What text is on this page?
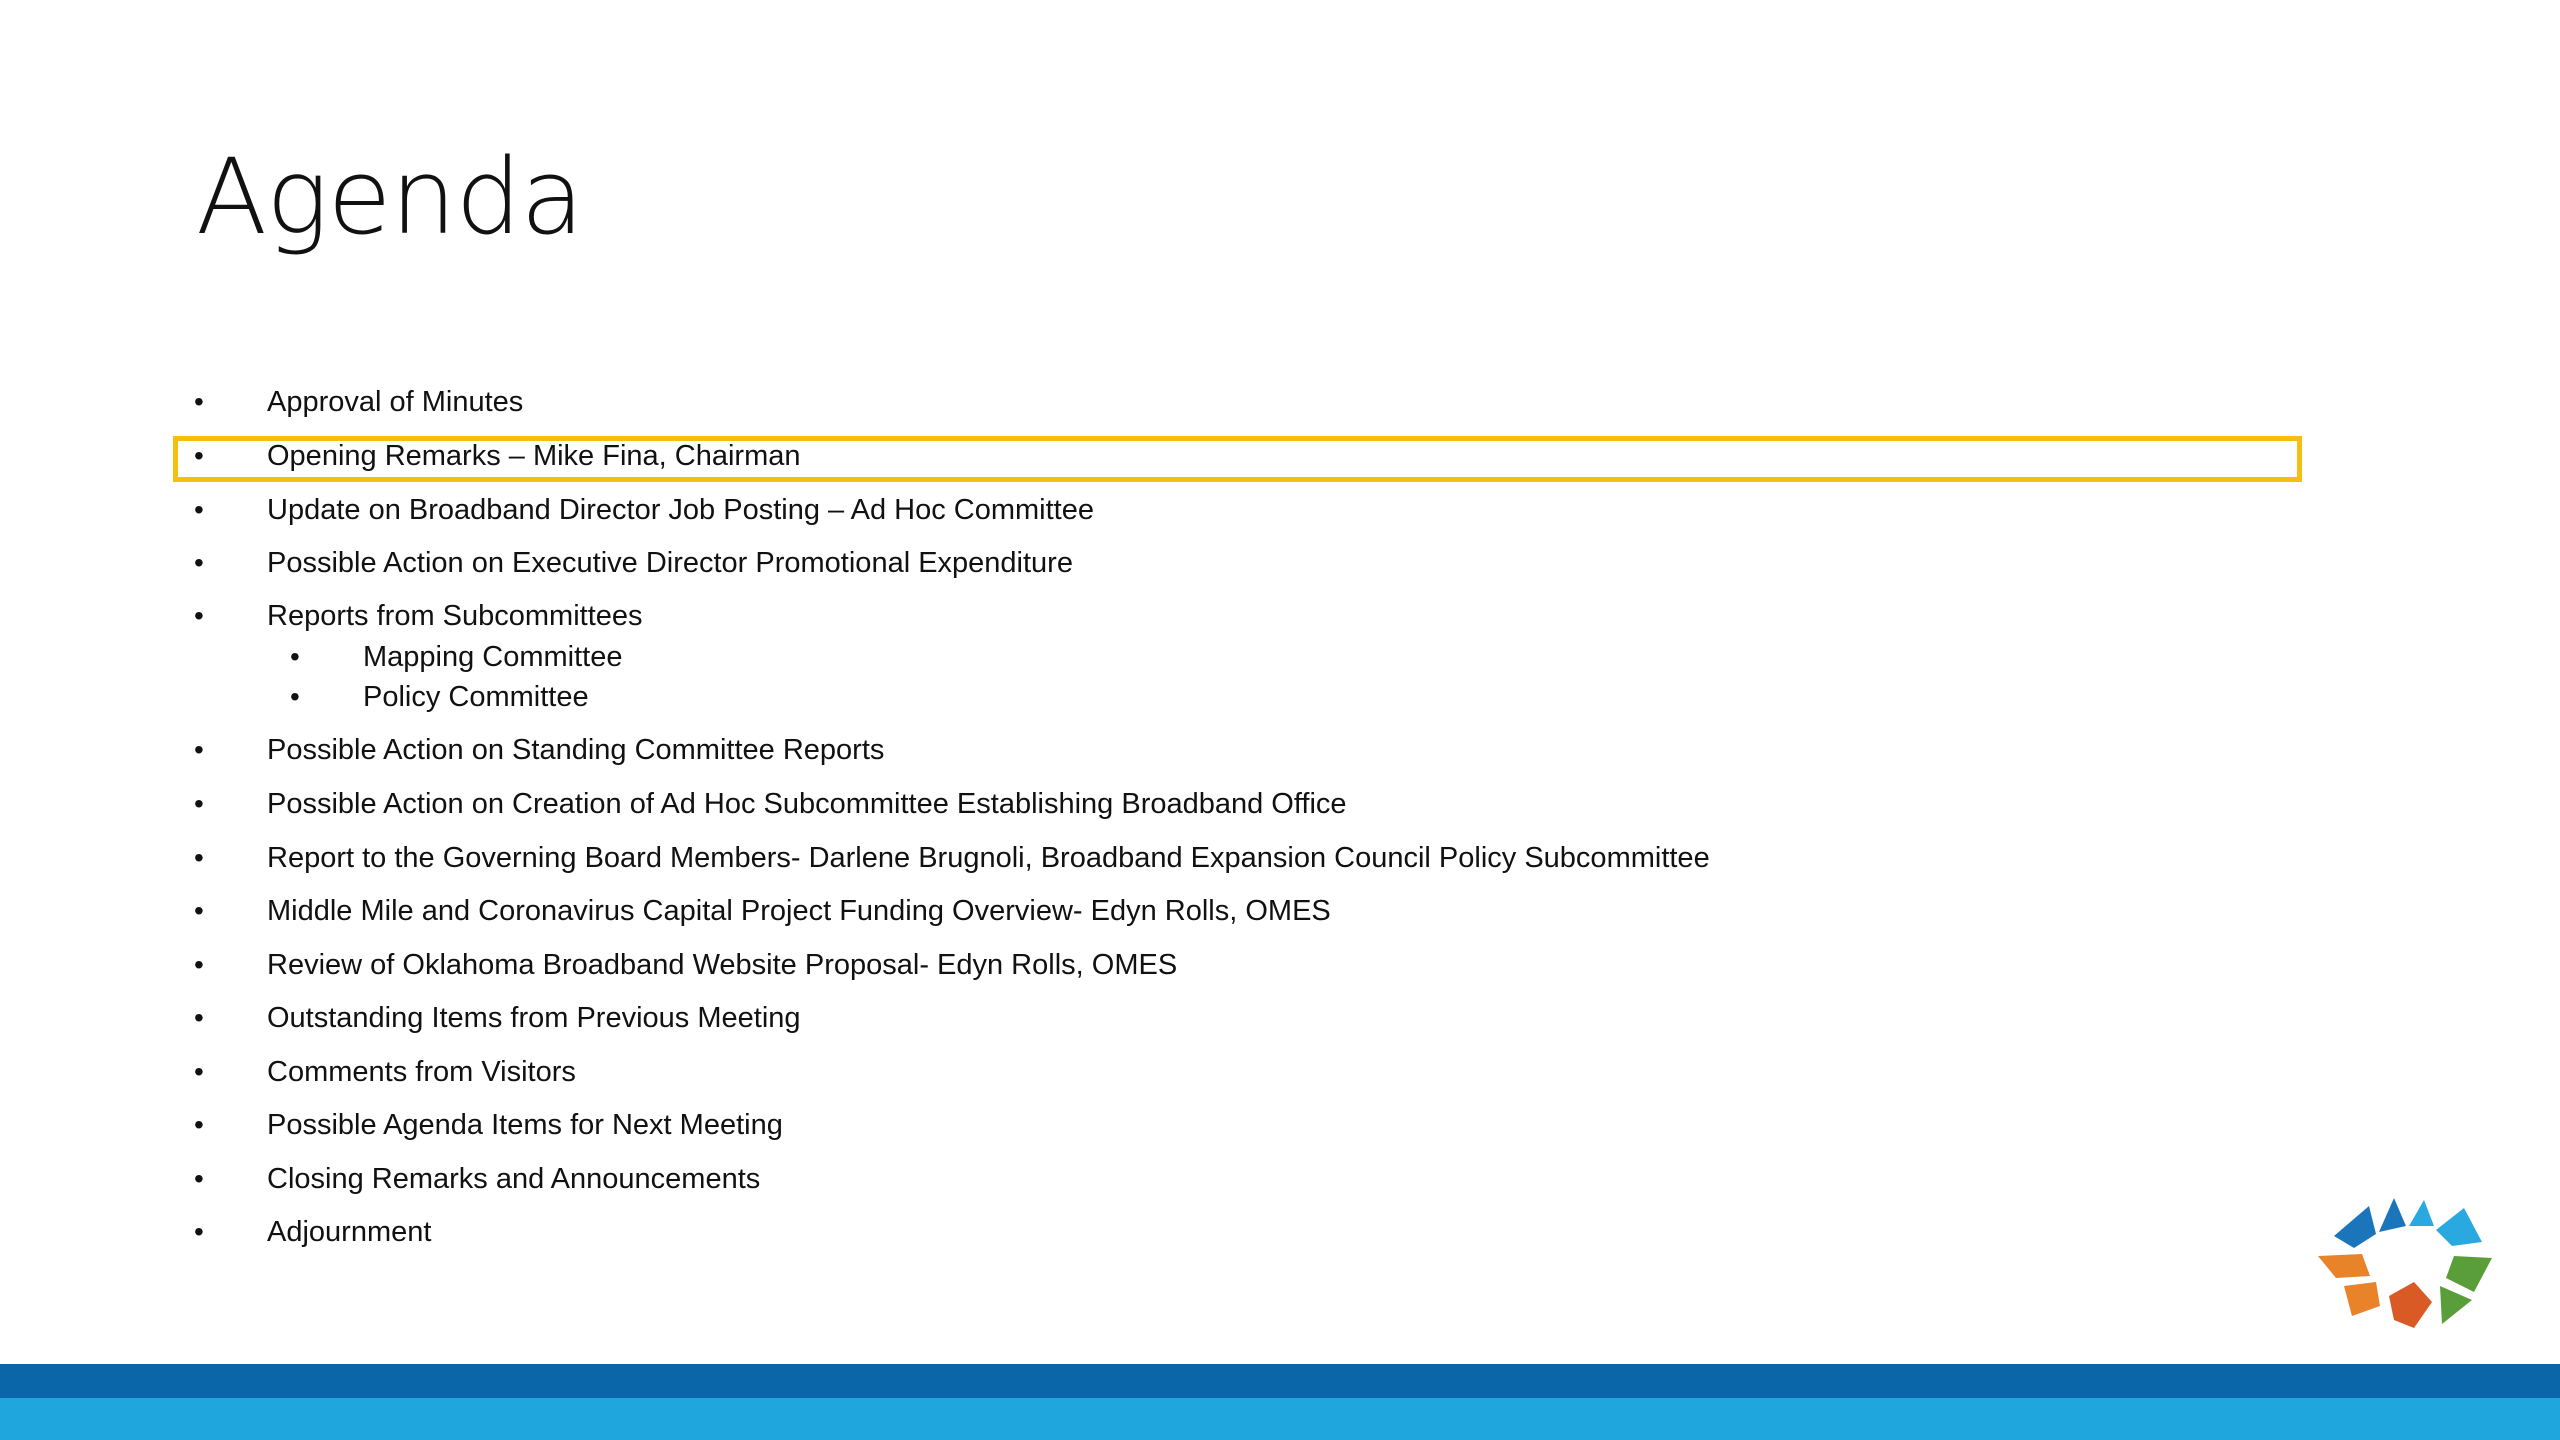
Agenda
• Approval of Minutes
• Opening Remarks – Mike Fina, Chairman
• Update on Broadband Director Job Posting – Ad Hoc Committee
• Possible Action on Executive Director Promotional Expenditure
• Reports from Subcommittees
• Mapping Committee
• Policy Committee
• Possible Action on Standing Committee Reports
• Possible Action on Creation of Ad Hoc Subcommittee Establishing Broadband Office
• Report to the Governing Board Members- Darlene Brugnoli, Broadband Expansion Council Policy Subcommittee
• Middle Mile and Coronavirus Capital Project Funding Overview- Edyn Rolls, OMES
• Review of Oklahoma Broadband Website Proposal- Edyn Rolls, OMES
• Outstanding Items from Previous Meeting
• Comments from Visitors
• Possible Agenda Items for Next Meeting
• Closing Remarks and Announcements
• Adjournment
